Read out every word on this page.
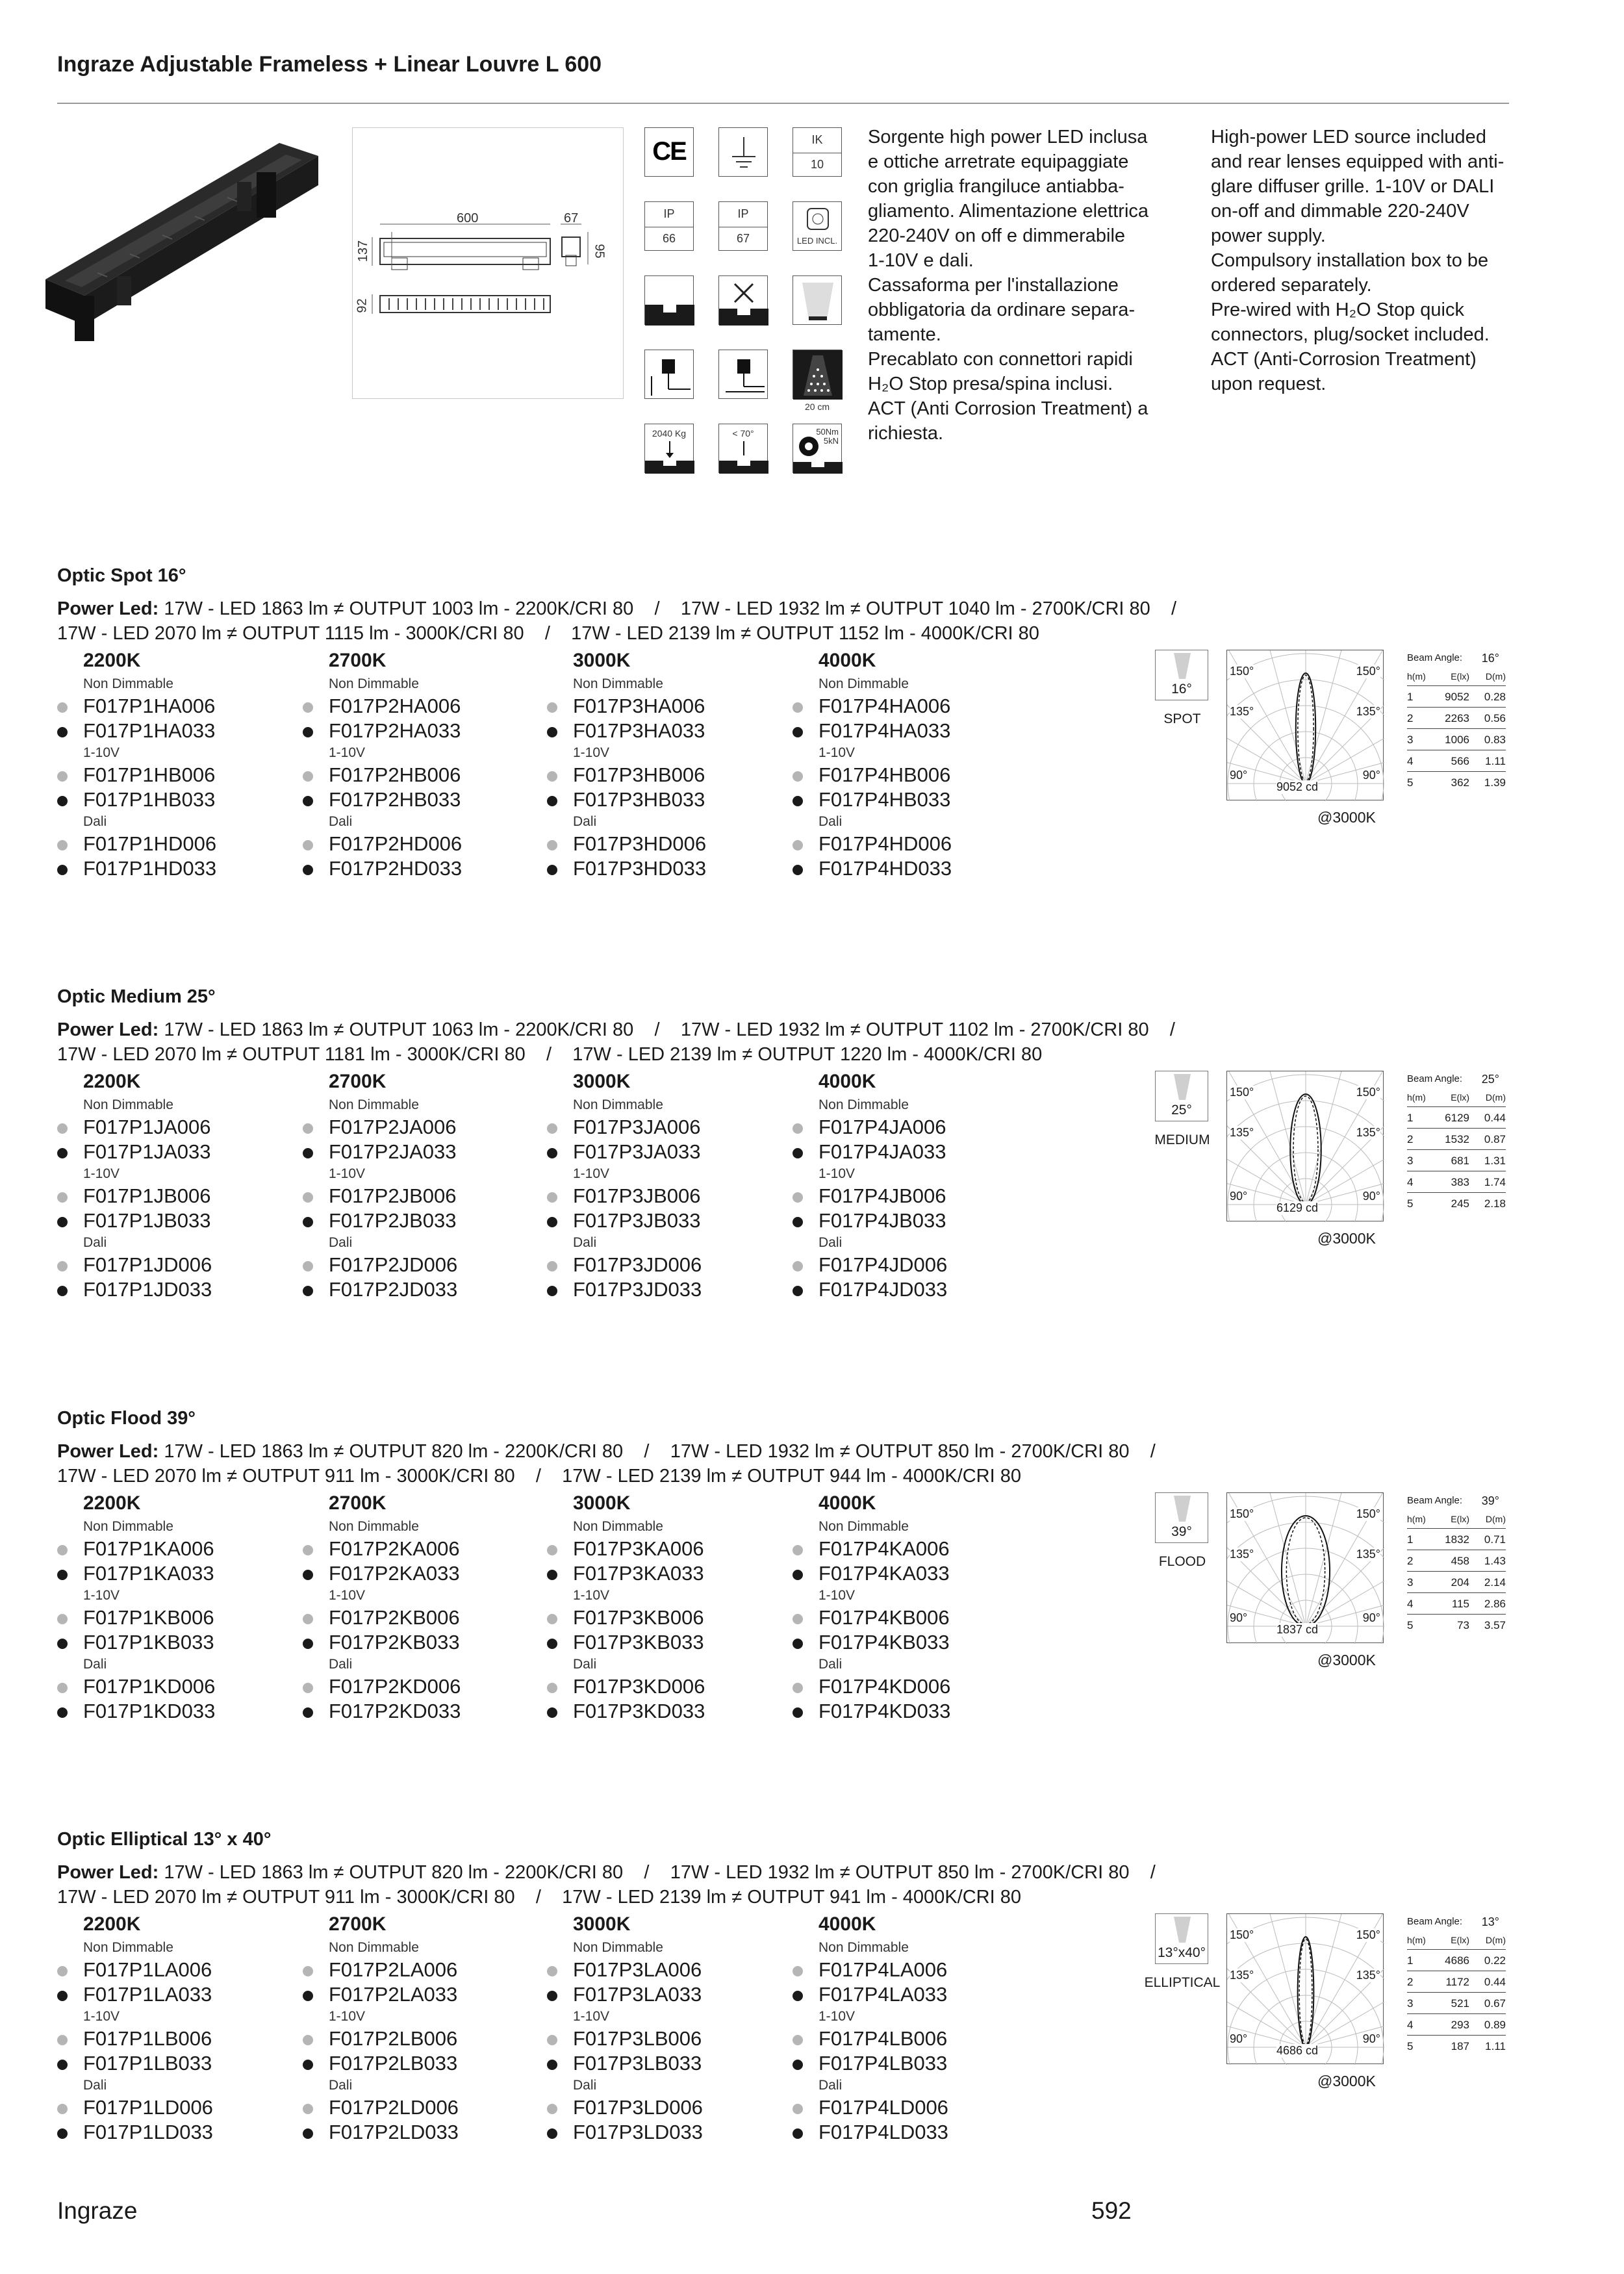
Ingraze Adjustable Frameless + Linear Louvre L 600
600	67
137	95
92
CE	IK
10
IP
66
IP
67	LED INCL.
20 cm
2040 Kg	< 70°	50Nm
5kN
Sorgente high power LED inclusa
e ottiche arretrate equipaggiate
con griglia frangiluce antiabba-
gliamento. Alimentazione elettrica
220-240V on off e dimmerabile
1-10V e dali.
Cassaforma per l'installazione
obbligatoria da ordinare separa-
tamente.
Precablato con connettori rapidi
H₂O Stop presa/spina inclusi.
ACT (Anti Corrosion Treatment) a
richiesta.
High-power LED source included
and rear lenses equipped with anti-
glare diffuser grille. 1-10V or DALI
on-off and dimmable 220-240V
power supply.
Compulsory installation box to be
ordered separately.
Pre-wired with H₂O Stop quick
connectors, plug/socket included.
ACT (Anti-Corrosion Treatment)
upon request.
Optic Spot 16°
Power Led: 17W - LED 1863 lm ≠ OUTPUT 1003 lm - 2200K/CRI 80    /    17W - LED 1932 lm ≠ OUTPUT 1040 lm - 2700K/CRI 80    /
17W - LED 2070 lm ≠ OUTPUT 1115 lm - 3000K/CRI 80    /    17W - LED 2139 lm ≠ OUTPUT 1152 lm - 4000K/CRI 80
2200K
Non Dimmable
F017P1HA006
F017P1HA033
1-10V
F017P1HB006
F017P1HB033
Dali
F017P1HD006
F017P1HD033
2700K
Non Dimmable
F017P2HA006
F017P2HA033
1-10V
F017P2HB006
F017P2HB033
Dali
F017P2HD006
F017P2HD033
3000K
Non Dimmable
F017P3HA006
F017P3HA033
1-10V
F017P3HB006
F017P3HB033
Dali
F017P3HD006
F017P3HD033
4000K
Non Dimmable
F017P4HA006
F017P4HA033
1-10V
F017P4HB006
F017P4HB033
Dali
F017P4HD006
F017P4HD033
16°
SPOT
150°	150°
135°	135°
90°	90°
9052 cd
@3000K
Beam Angle: 16°
h(m)	E(lx) D(m)
1	9052 0.28
2	2263 0.56
3	1006 0.83
4	566 1.11
5	362 1.39
Optic Medium 25°
Power Led: 17W - LED 1863 lm ≠ OUTPUT 1063 lm - 2200K/CRI 80    /    17W - LED 1932 lm ≠ OUTPUT 1102 lm - 2700K/CRI 80    /
17W - LED 2070 lm ≠ OUTPUT 1181 lm - 3000K/CRI 80    /    17W - LED 2139 lm ≠ OUTPUT 1220 lm - 4000K/CRI 80
2200K
Non Dimmable
F017P1JA006
F017P1JA033
1-10V
F017P1JB006
F017P1JB033
Dali
F017P1JD006
F017P1JD033
2700K
Non Dimmable
F017P2JA006
F017P2JA033
1-10V
F017P2JB006
F017P2JB033
Dali
F017P2JD006
F017P2JD033
3000K
Non Dimmable
F017P3JA006
F017P3JA033
1-10V
F017P3JB006
F017P3JB033
Dali
F017P3JD006
F017P3JD033
4000K
Non Dimmable
F017P4JA006
F017P4JA033
1-10V
F017P4JB006
F017P4JB033
Dali
F017P4JD006
F017P4JD033
25°
MEDIUM
150°	150°
135°	135°
90°	90°
6129 cd
@3000K
Beam Angle: 25°
h(m)	E(lx) D(m)
1	6129 0.44
2	1532 0.87
3	681 1.31
4	383 1.74
5	245 2.18
Optic Flood 39°
Power Led: 17W - LED 1863 lm ≠ OUTPUT 820 lm - 2200K/CRI 80    /    17W - LED 1932 lm ≠ OUTPUT 850 lm - 2700K/CRI 80    /
17W - LED 2070 lm ≠ OUTPUT 911 lm - 3000K/CRI 80    /    17W - LED 2139 lm ≠ OUTPUT 944 lm - 4000K/CRI 80
2200K
Non Dimmable
F017P1KA006
F017P1KA033
1-10V
F017P1KB006
F017P1KB033
Dali
F017P1KD006
F017P1KD033
2700K
Non Dimmable
F017P2KA006
F017P2KA033
1-10V
F017P2KB006
F017P2KB033
Dali
F017P2KD006
F017P2KD033
3000K
Non Dimmable
F017P3KA006
F017P3KA033
1-10V
F017P3KB006
F017P3KB033
Dali
F017P3KD006
F017P3KD033
4000K
Non Dimmable
F017P4KA006
F017P4KA033
1-10V
F017P4KB006
F017P4KB033
Dali
F017P4KD006
F017P4KD033
39°
FLOOD
150°	150°
135°	135°
90°	90°
1837 cd
@3000K
Beam Angle: 39°
h(m)	E(lx) D(m)
1	1832 0.71
2	458 1.43
3	204 2.14
4	115 2.86
5	73 3.57
Optic Elliptical 13° x 40°
Power Led: 17W - LED 1863 lm ≠ OUTPUT 820 lm - 2200K/CRI 80    /    17W - LED 1932 lm ≠ OUTPUT 850 lm - 2700K/CRI 80    /
17W - LED 2070 lm ≠ OUTPUT 911 lm - 3000K/CRI 80    /    17W - LED 2139 lm ≠ OUTPUT 941 lm - 4000K/CRI 80
2200K
Non Dimmable
F017P1LA006
F017P1LA033
1-10V
F017P1LB006
F017P1LB033
Dali
F017P1LD006
F017P1LD033
2700K
Non Dimmable
F017P2LA006
F017P2LA033
1-10V
F017P2LB006
F017P2LB033
Dali
F017P2LD006
F017P2LD033
3000K
Non Dimmable
F017P3LA006
F017P3LA033
1-10V
F017P3LB006
F017P3LB033
Dali
F017P3LD006
F017P3LD033
4000K
Non Dimmable
F017P4LA006
F017P4LA033
1-10V
F017P4LB006
F017P4LB033
Dali
F017P4LD006
F017P4LD033
13°x40°
ELLIPTICAL
150°	150°
135°	135°
90°	90°
4686 cd
@3000K
Beam Angle: 13°
h(m)	E(lx) D(m)
1	4686 0.22
2	1172 0.44
3	521 0.67
4	293 0.89
5	187 1.11
Ingraze	592
